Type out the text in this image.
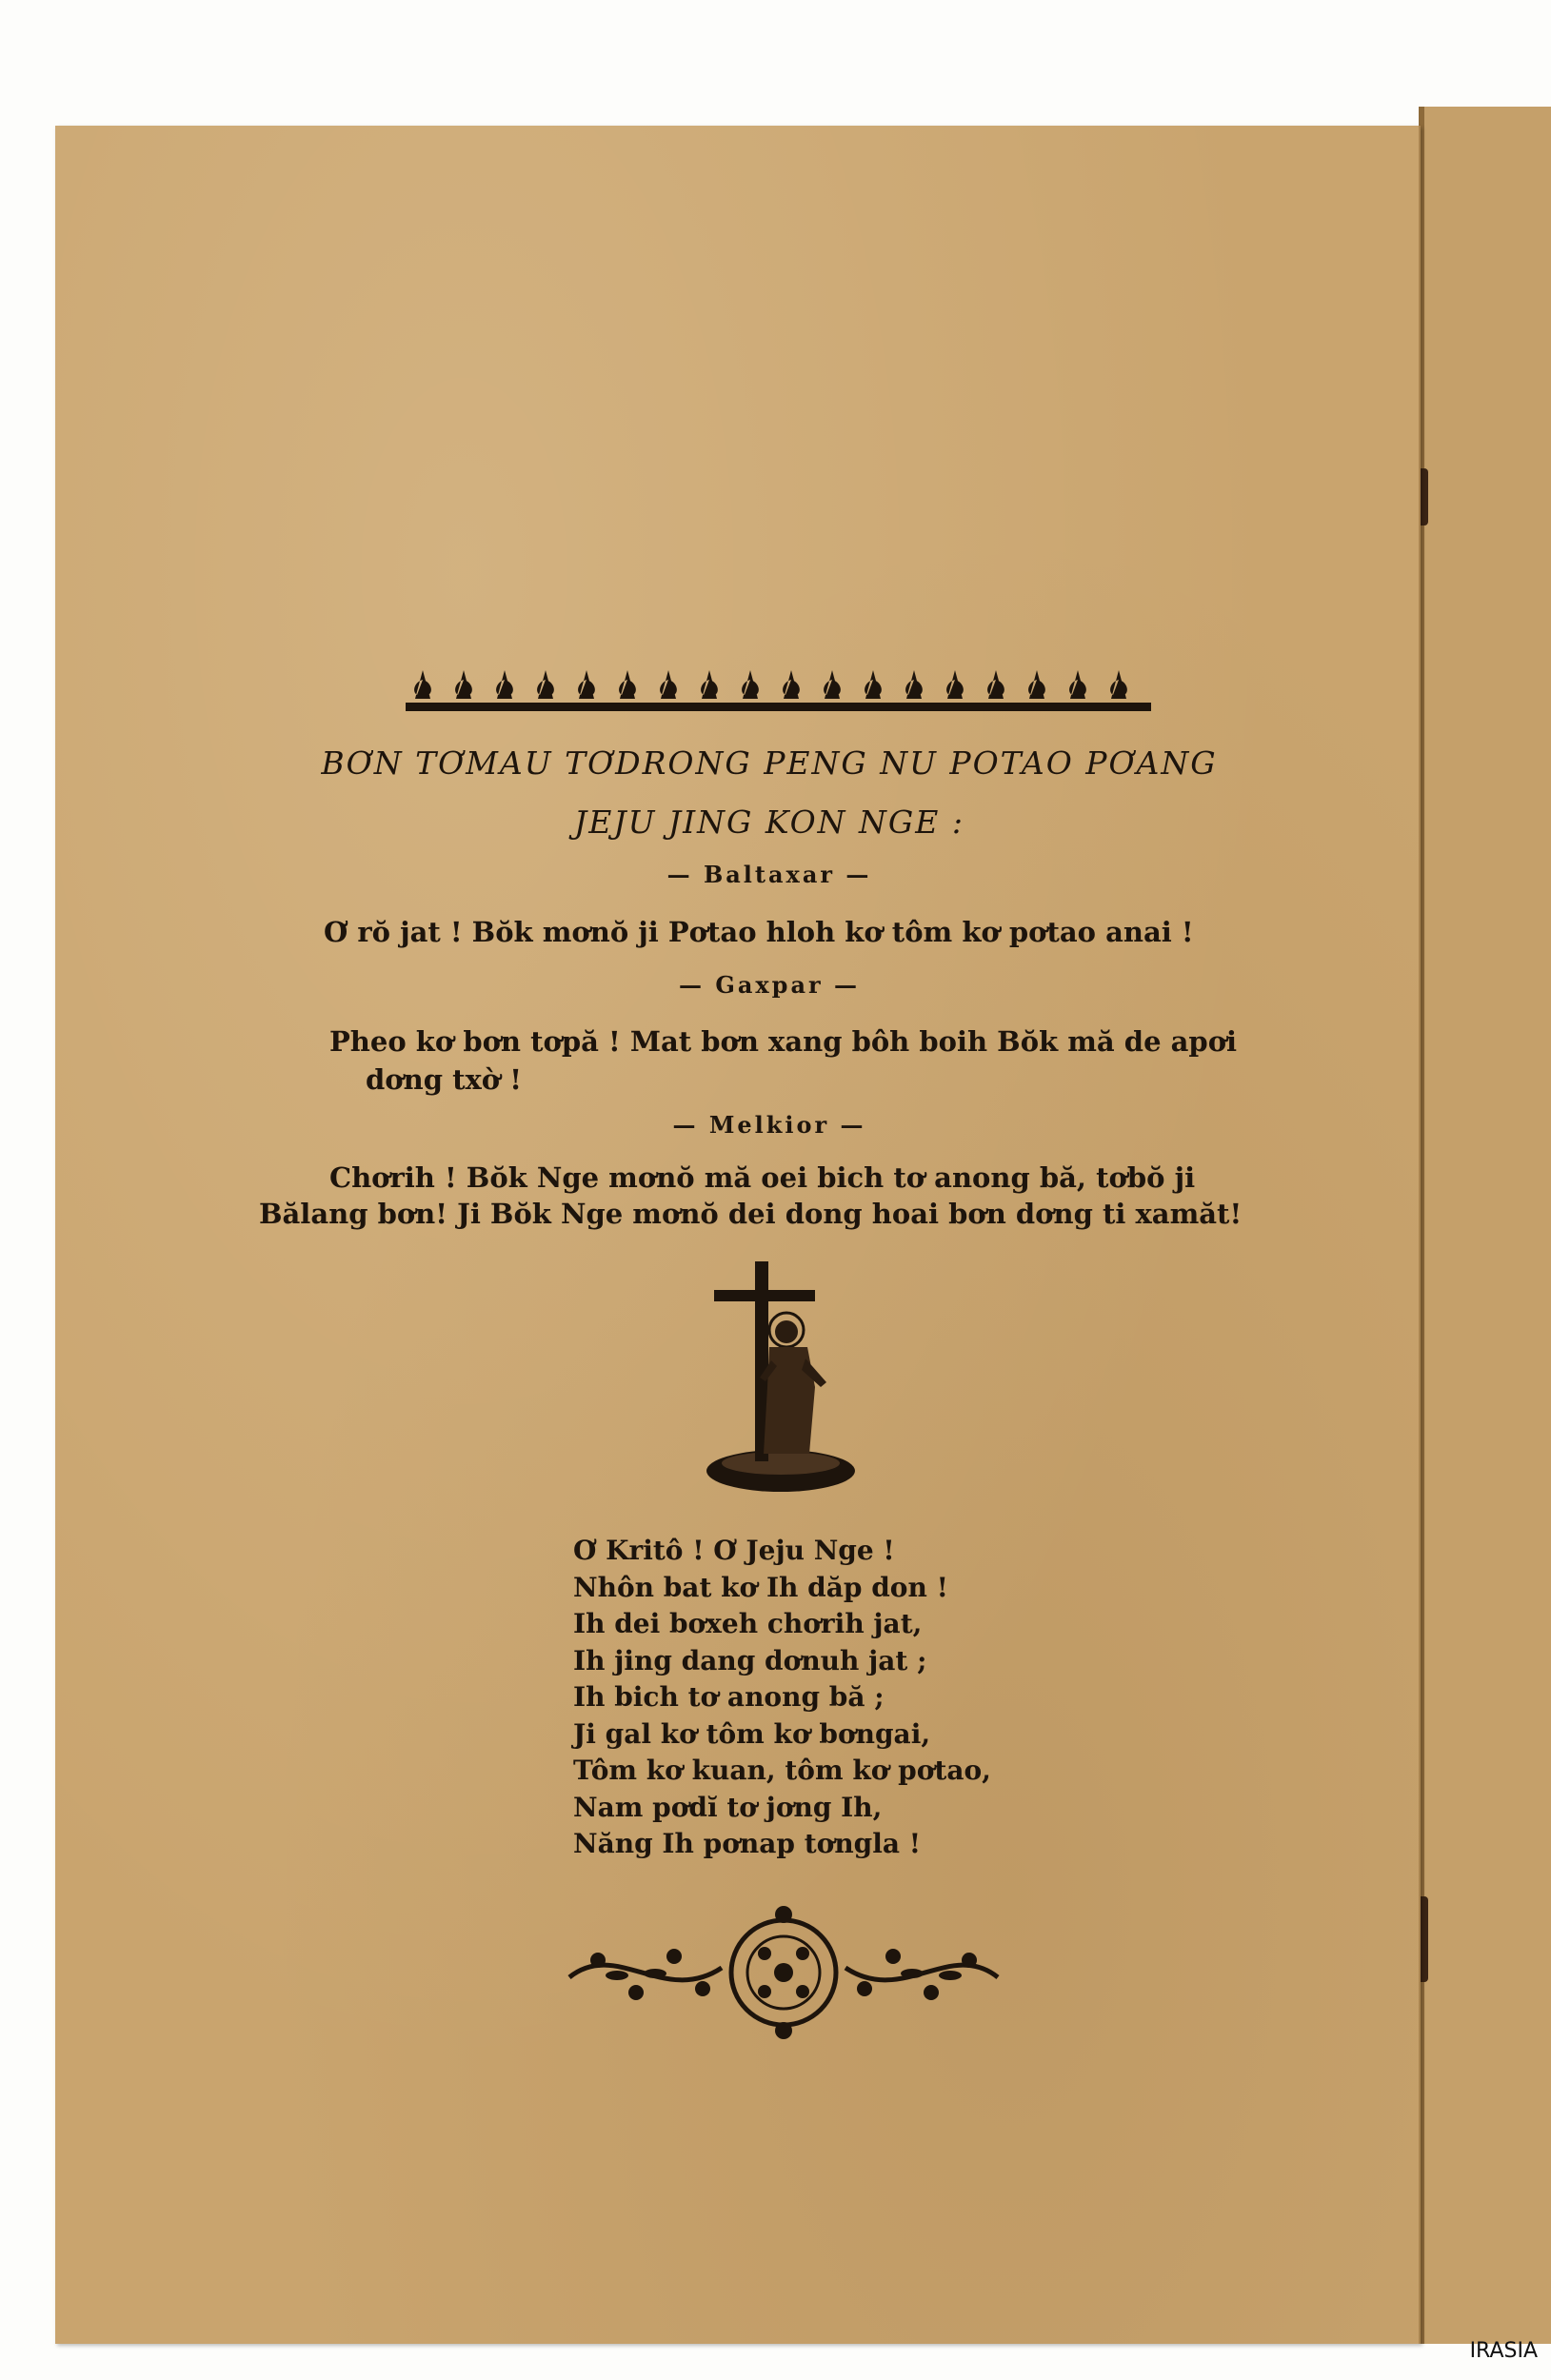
BƠN TƠMAU TƠDRONG PENG NU POTAO PƠANG
JEJU JING KON NGE :
— Baltaxar —
Ơ rŏ jat ! Bŏk mơnŏ ji Pơtao hloh kơ tôm kơ pơtao anai !
— Gaxpar —
Pheo kơ bơn tơpă ! Mat bơn xang bôh boih Bŏk mă de apơi
dơng txờ !
— Melkior —
Chơrih ! Bŏk Nge mơnŏ mă oei bich tơ anong bă, tơbŏ ji
Bălang bơn! Ji Bŏk Nge mơnŏ dei dong hoai bơn dơng ti xamăt!
Ơ Kritô ! Ơ Jeju Nge !
Nhôn bat kơ Ih dăp don !
Ih dei bơxeh chơrih jat,
Ih jing dang dơnuh jat ;
Ih bich tơ anong bă ;
Ji gal kơ tôm kơ bơngai,
Tôm kơ kuan, tôm kơ pơtao,
Nam pơdĭ tơ jơng Ih,
Năng Ih pơnap tơngla !
IRASIA
